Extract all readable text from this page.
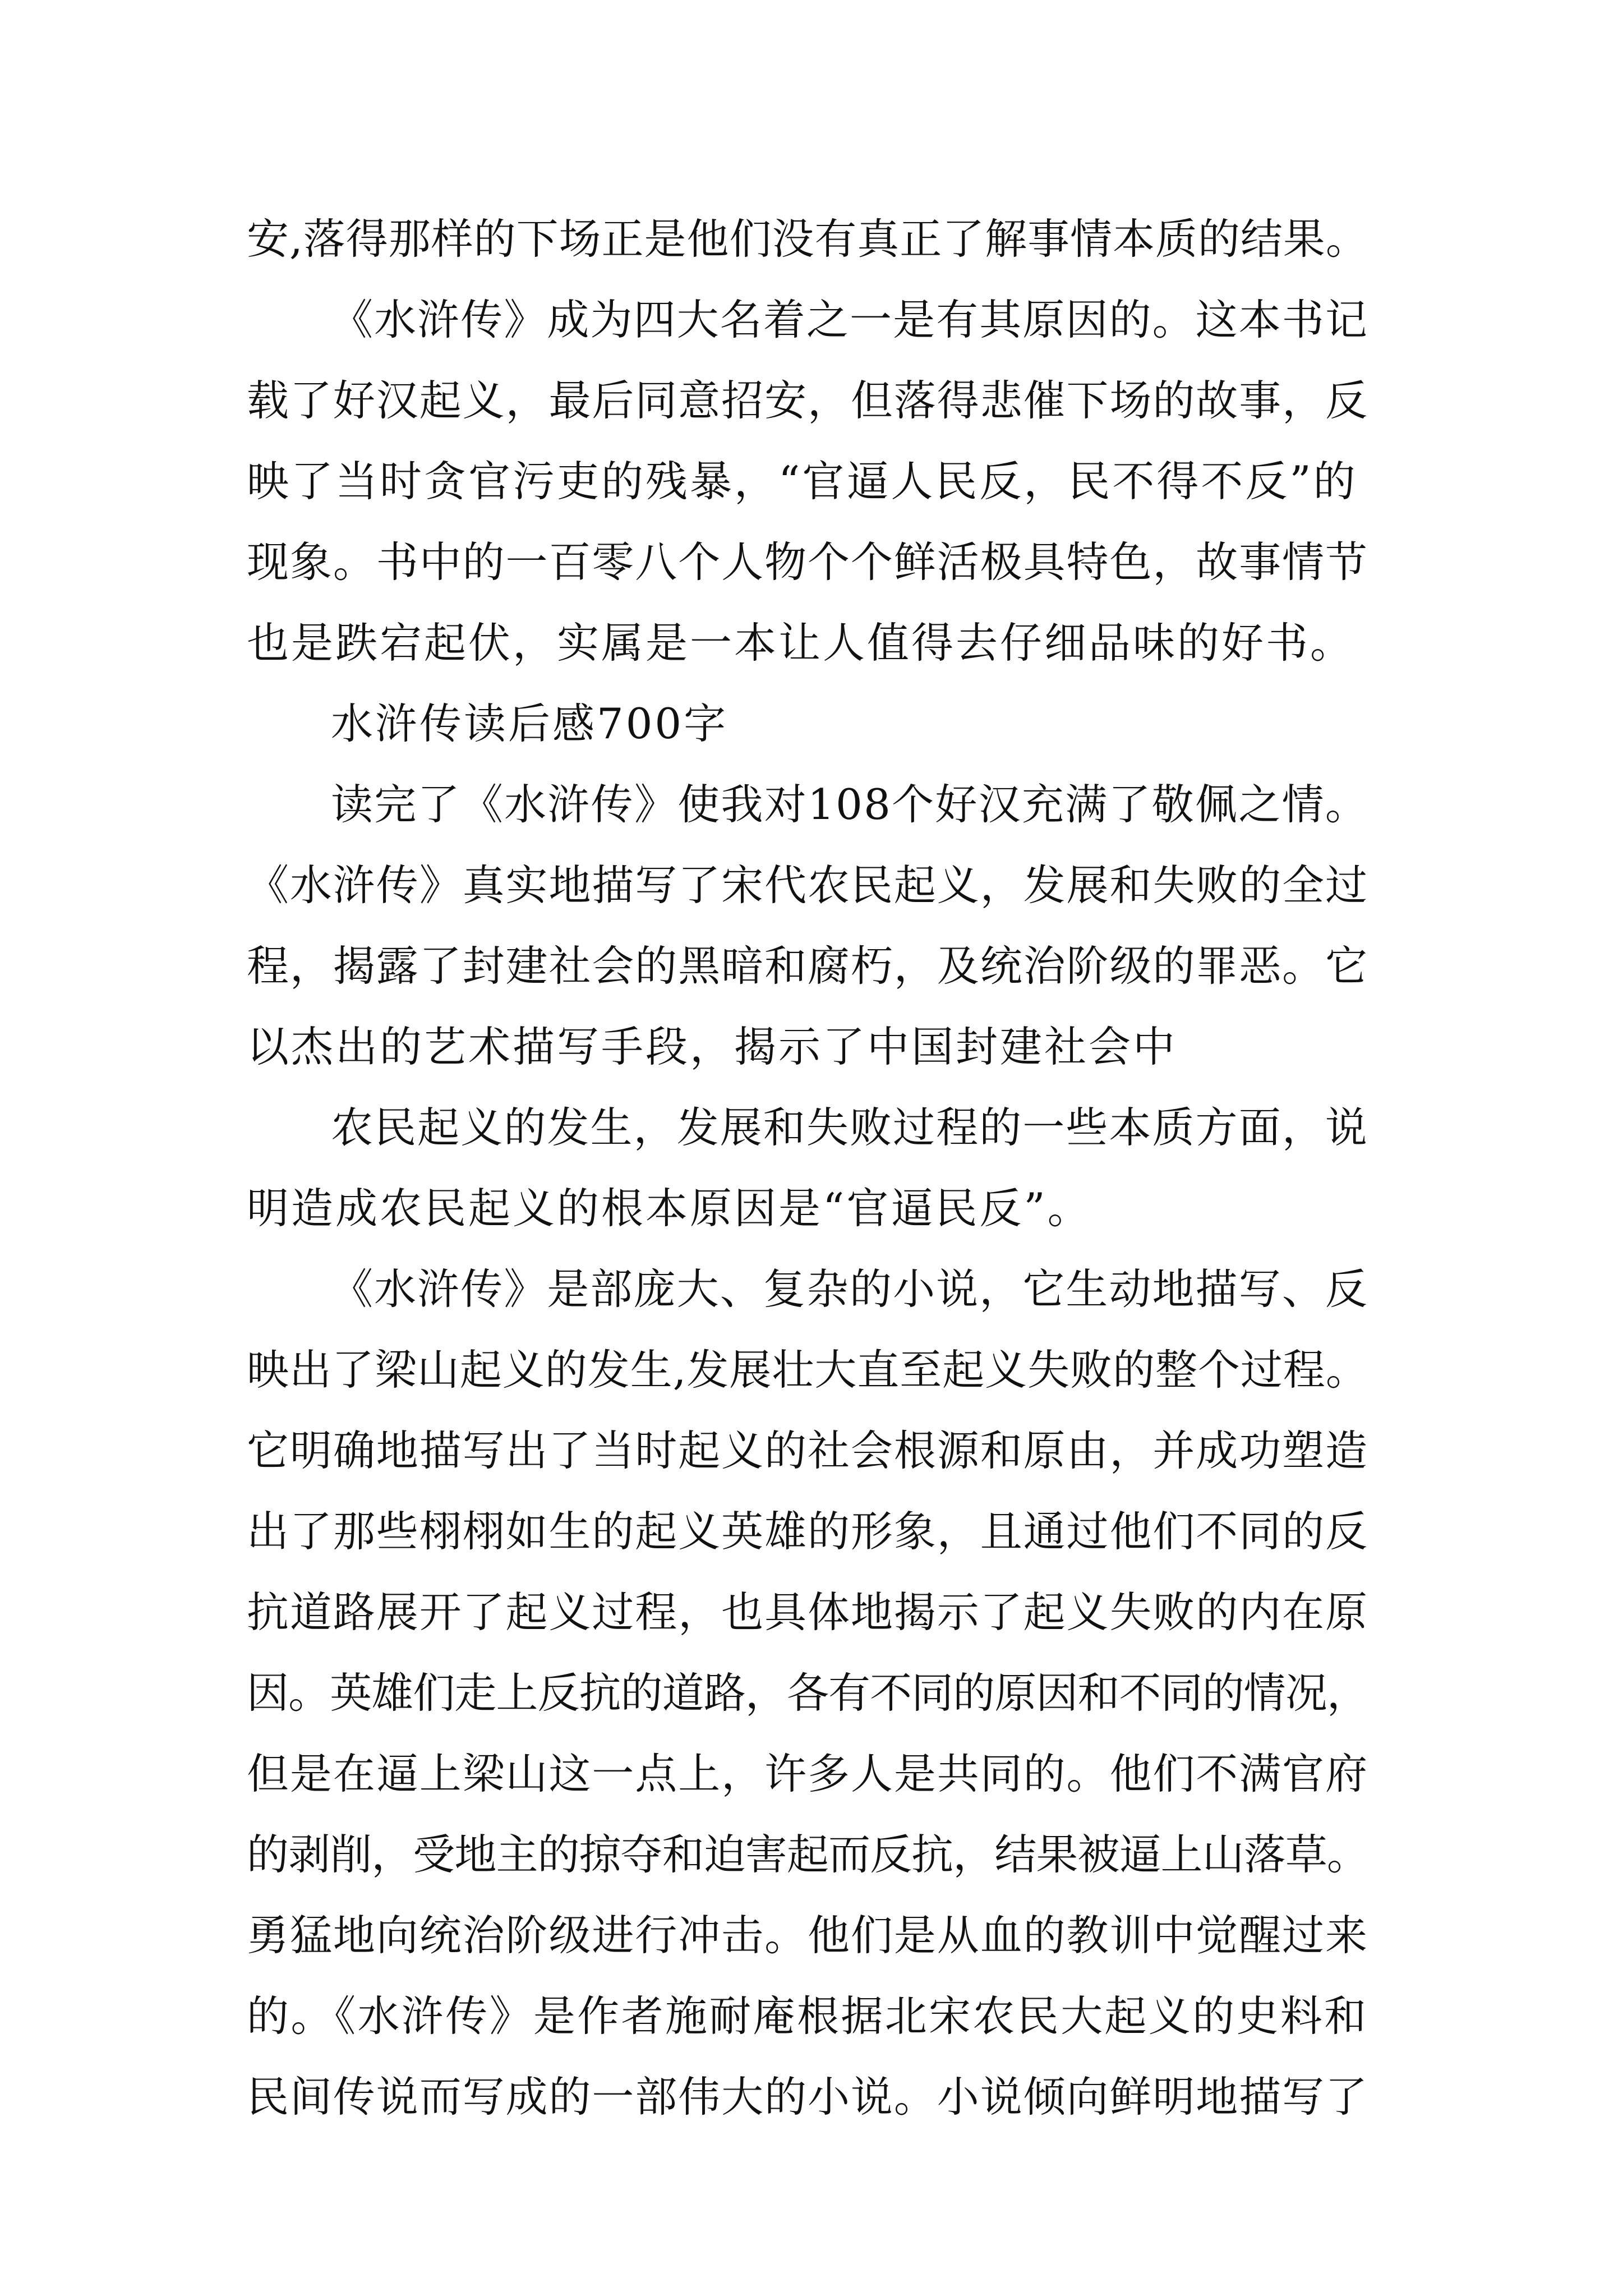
安,落得那样的下场正是他们没有真正了解事情本质的结果。
《水浒传》成为四大名着之一是有其原因的。这本书记
载了好汉起义，最后同意招安，但落得悲催下场的故事，反
映了当时贪官污吏的残暴，“官逼人民反，民不得不反”的
现象。书中的一百零八个人物个个鲜活极具特色，故事情节
也是跌宕起伏，实属是一本让人值得去仔细品味的好书。
水浒传读后感700字
读完了《水浒传》使我对108个好汉充满了敬佩之情。
《水浒传》真实地描写了宋代农民起义，发展和失败的全过
程，揭露了封建社会的黑暗和腐朽，及统治阶级的罪恶。它
以杰出的艺术描写手段，揭示了中国封建社会中
农民起义的发生，发展和失败过程的一些本质方面，说
明造成农民起义的根本原因是“官逼民反”。
《水浒传》是部庞大、复杂的小说，它生动地描写、反
映出了梁山起义的发生,发展壮大直至起义失败的整个过程。
它明确地描写出了当时起义的社会根源和原由，并成功塑造
出了那些栩栩如生的起义英雄的形象，且通过他们不同的反
抗道路展开了起义过程，也具体地揭示了起义失败的内在原
因。英雄们走上反抗的道路，各有不同的原因和不同的情况，
但是在逼上梁山这一点上，许多人是共同的。他们不满官府
的剥削，受地主的掠夺和迫害起而反抗，结果被逼上山落草。
勇猛地向统治阶级进行冲击。他们是从血的教训中觉醒过来
的。《水浒传》是作者施耐庵根据北宋农民大起义的史料和
民间传说而写成的一部伟大的小说。小说倾向鲜明地描写了
